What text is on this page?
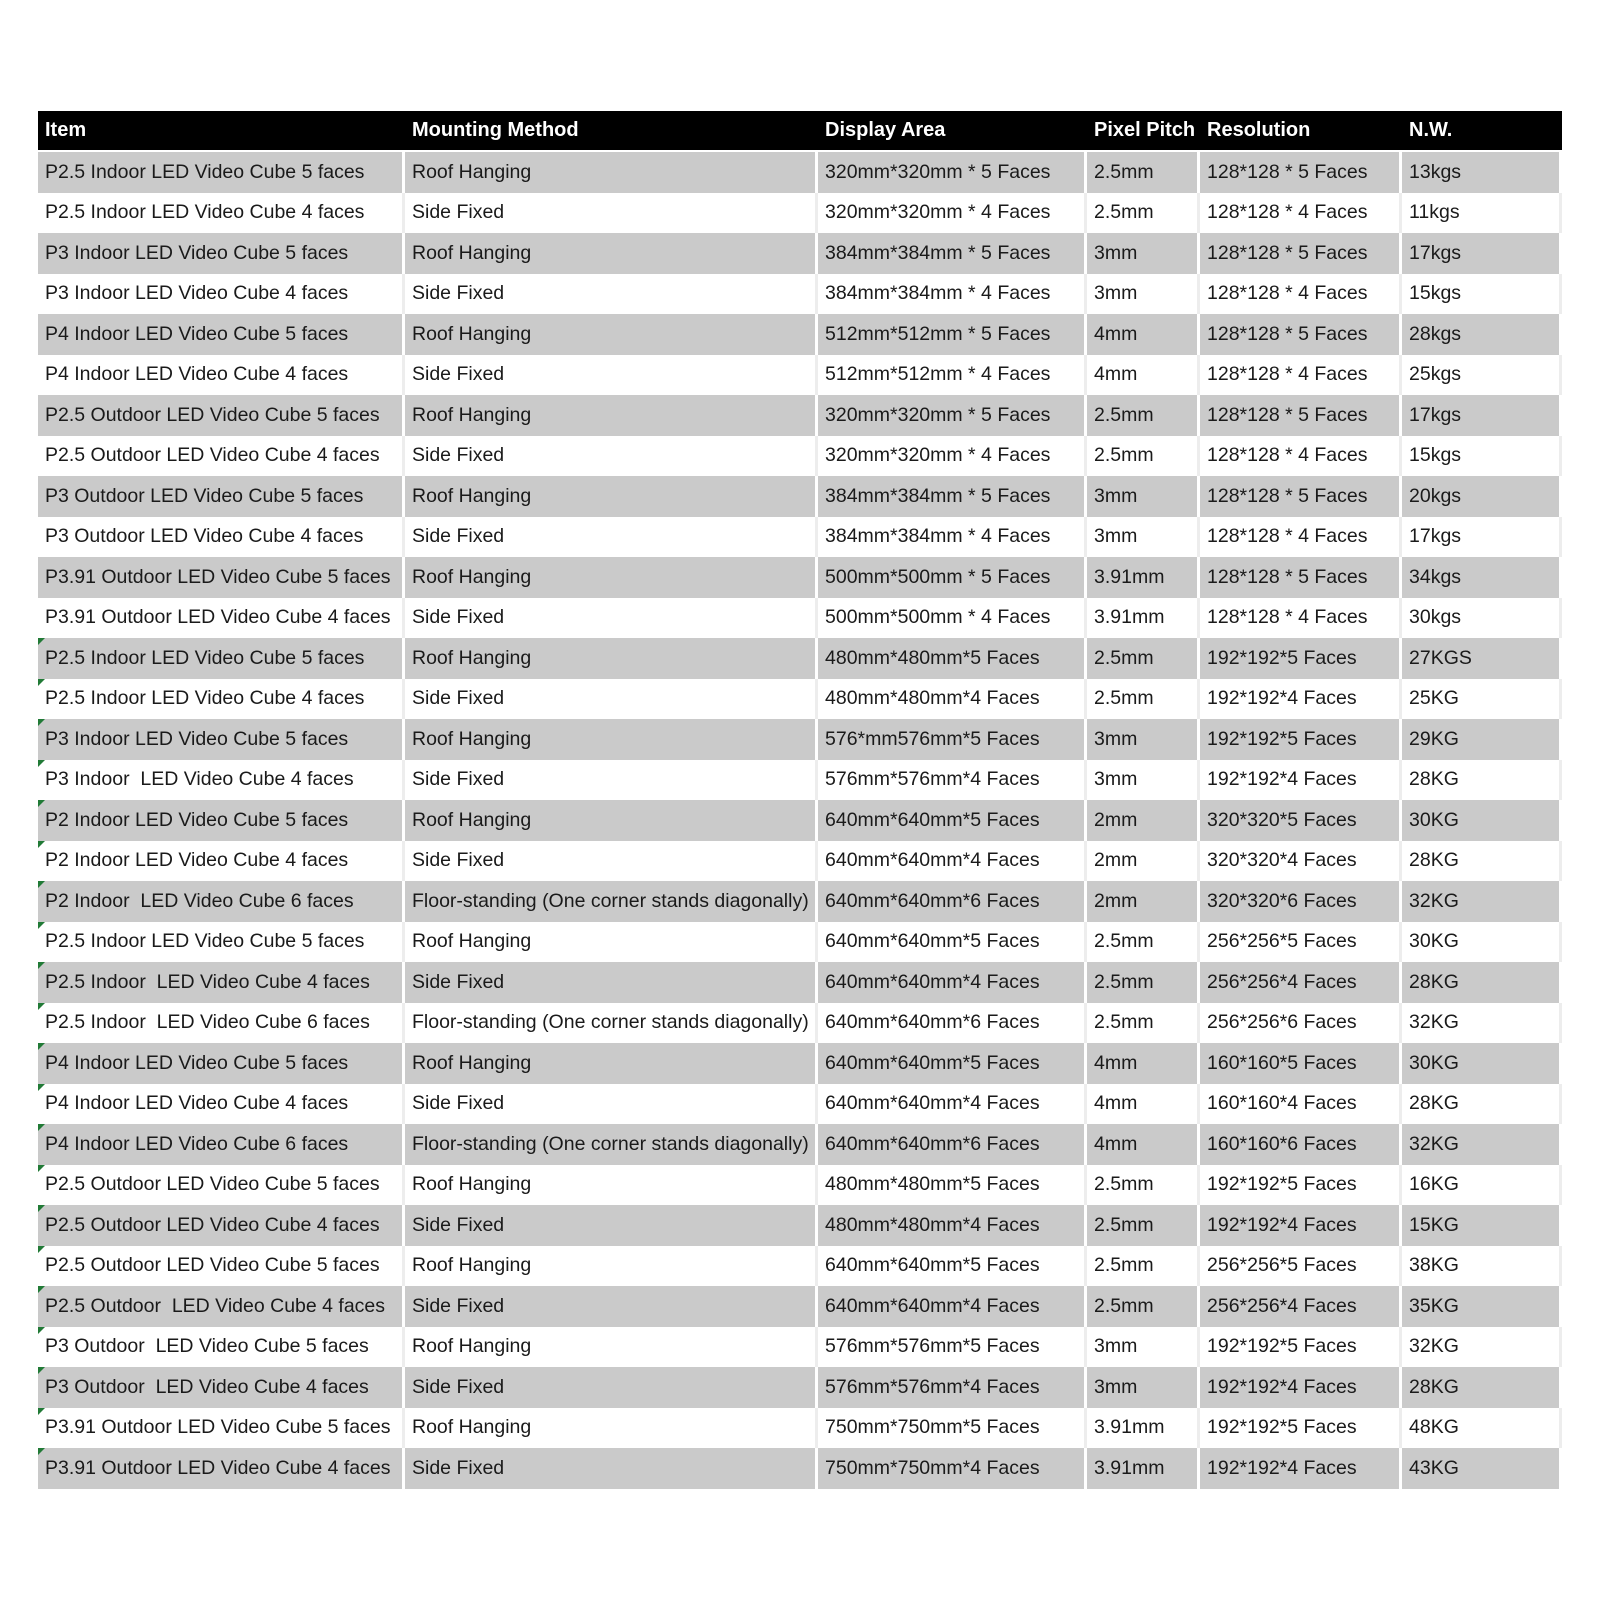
Item	Mounting Method	Display Area	Pixel Pitch	Resolution	N.W.
P2.5 Indoor LED Video Cube 5 faces	Roof Hanging	320mm*320mm * 5 Faces	2.5mm	128*128 * 5 Faces	13kgs
P2.5 Indoor LED Video Cube 4 faces	Side Fixed	320mm*320mm * 4 Faces	2.5mm	128*128 * 4 Faces	11kgs
P3 Indoor LED Video Cube 5 faces	Roof Hanging	384mm*384mm * 5 Faces	3mm	128*128 * 5 Faces	17kgs
P3 Indoor LED Video Cube 4 faces	Side Fixed	384mm*384mm * 4 Faces	3mm	128*128 * 4 Faces	15kgs
P4 Indoor LED Video Cube 5 faces	Roof Hanging	512mm*512mm * 5 Faces	4mm	128*128 * 5 Faces	28kgs
P4 Indoor LED Video Cube 4 faces	Side Fixed	512mm*512mm * 4 Faces	4mm	128*128 * 4 Faces	25kgs
P2.5 Outdoor LED Video Cube 5 faces	Roof Hanging	320mm*320mm * 5 Faces	2.5mm	128*128 * 5 Faces	17kgs
P2.5 Outdoor LED Video Cube 4 faces	Side Fixed	320mm*320mm * 4 Faces	2.5mm	128*128 * 4 Faces	15kgs
P3 Outdoor LED Video Cube 5 faces	Roof Hanging	384mm*384mm * 5 Faces	3mm	128*128 * 5 Faces	20kgs
P3 Outdoor LED Video Cube 4 faces	Side Fixed	384mm*384mm * 4 Faces	3mm	128*128 * 4 Faces	17kgs
P3.91 Outdoor LED Video Cube 5 faces	Roof Hanging	500mm*500mm * 5 Faces	3.91mm	128*128 * 5 Faces	34kgs
P3.91 Outdoor LED Video Cube 4 faces	Side Fixed	500mm*500mm * 4 Faces	3.91mm	128*128 * 4 Faces	30kgs

P2.5 Indoor LED Video Cube 5 faces	Roof Hanging	480mm*480mm*5 Faces	2.5mm	192*192*5 Faces	27KGS

P2.5 Indoor LED Video Cube 4 faces	Side Fixed	480mm*480mm*4 Faces	2.5mm	192*192*4 Faces	25KG

P3 Indoor LED Video Cube 5 faces	Roof Hanging	576*mm576mm*5 Faces	3mm	192*192*5 Faces	29KG

P3 Indoor  LED Video Cube 4 faces	Side Fixed	576mm*576mm*4 Faces	3mm	192*192*4 Faces	28KG

P2 Indoor LED Video Cube 5 faces	Roof Hanging	640mm*640mm*5 Faces	2mm	320*320*5 Faces	30KG

P2 Indoor LED Video Cube 4 faces	Side Fixed	640mm*640mm*4 Faces	2mm	320*320*4 Faces	28KG

P2 Indoor  LED Video Cube 6 faces	Floor-standing (One corner stands diagonally)	640mm*640mm*6 Faces	2mm	320*320*6 Faces	32KG

P2.5 Indoor LED Video Cube 5 faces	Roof Hanging	640mm*640mm*5 Faces	2.5mm	256*256*5 Faces	30KG

P2.5 Indoor  LED Video Cube 4 faces	Side Fixed	640mm*640mm*4 Faces	2.5mm	256*256*4 Faces	28KG

P2.5 Indoor  LED Video Cube 6 faces	Floor-standing (One corner stands diagonally)	640mm*640mm*6 Faces	2.5mm	256*256*6 Faces	32KG

P4 Indoor LED Video Cube 5 faces	Roof Hanging	640mm*640mm*5 Faces	4mm	160*160*5 Faces	30KG

P4 Indoor LED Video Cube 4 faces	Side Fixed	640mm*640mm*4 Faces	4mm	160*160*4 Faces	28KG

P4 Indoor LED Video Cube 6 faces	Floor-standing (One corner stands diagonally)	640mm*640mm*6 Faces	4mm	160*160*6 Faces	32KG

P2.5 Outdoor LED Video Cube 5 faces	Roof Hanging	480mm*480mm*5 Faces	2.5mm	192*192*5 Faces	16KG

P2.5 Outdoor LED Video Cube 4 faces	Side Fixed	480mm*480mm*4 Faces	2.5mm	192*192*4 Faces	15KG

P2.5 Outdoor LED Video Cube 5 faces	Roof Hanging	640mm*640mm*5 Faces	2.5mm	256*256*5 Faces	38KG

P2.5 Outdoor  LED Video Cube 4 faces	Side Fixed	640mm*640mm*4 Faces	2.5mm	256*256*4 Faces	35KG

P3 Outdoor  LED Video Cube 5 faces	Roof Hanging	576mm*576mm*5 Faces	3mm	192*192*5 Faces	32KG

P3 Outdoor  LED Video Cube 4 faces	Side Fixed	576mm*576mm*4 Faces	3mm	192*192*4 Faces	28KG

P3.91 Outdoor LED Video Cube 5 faces	Roof Hanging	750mm*750mm*5 Faces	3.91mm	192*192*5 Faces	48KG

P3.91 Outdoor LED Video Cube 4 faces	Side Fixed	750mm*750mm*4 Faces	3.91mm	192*192*4 Faces	43KG
